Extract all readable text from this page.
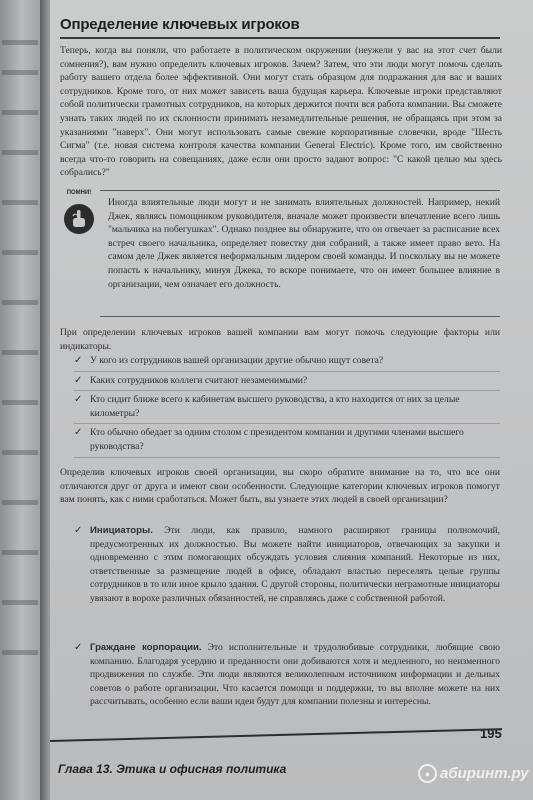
Определение ключевых игроков

Теперь, когда вы поняли, что работаете в политическом окружении (неужели у вас на этот счет были сомнения?), вам нужно определить ключевых игроков. Зачем? Затем, что эти люди могут помочь сделать работу вашего отдела более эффективной. Они могут стать образцом для подражания для вас и ваших сотрудников. Кроме того, от них может зависеть ваша будущая карьера. Ключевые игроки представляют собой политически грамотных сотрудников, на которых держится почти вся работа компании. Вы сможете узнать таких людей по их склонности принимать незамедлительные решения, не обращаясь при этом за указаниями "наверх". Они могут использовать самые свежие корпоративные словечки, вроде "Шесть Сигма" (т.е. новая система контроля качества компании General Electric). Кроме того, им свойственно всегда что-то говорить на совещаниях, даже если они просто задают вопрос: "С какой целью мы здесь собрались?"

ПОМНИ!

Иногда влиятельные люди могут и не занимать влиятельных должностей. Например, некий Джек, являясь помощником руководителя, вначале может произвести впечатление всего лишь "мальчика на побегушках". Однако позднее вы обнаружите, что он отвечает за расписание всех встреч своего начальника, определяет повестку дня собраний, а также имеет право вето. На самом деле Джек является неформальным лидером своей команды. И поскольку вы не можете попасть к начальнику, минуя Джека, то вскоре понимаете, что он имеет большее влияние в организации, чем означает его должность.

При определении ключевых игроков вашей компании вам могут помочь следующие факторы или индикаторы.

✓ У кого из сотрудников вашей организации другие обычно ищут совета?
✓ Каких сотрудников коллеги считают незаменимыми?
✓ Кто сидит ближе всего к кабинетам высшего руководства, а кто находится от них за целые километры?
✓ Кто обычно обедает за одним столом с президентом компании и другими членами высшего руководства?

Определив ключевых игроков своей организации, вы скоро обратите внимание на то, что все они отличаются друг от друга и имеют свои особенности. Следующие категории ключевых игроков помогут вам понять, как с ними сработаться. Может быть, вы узнаете этих людей в своей организации?

✓ Инициаторы. Эти люди, как правило, намного расширяют границы полномочий, предусмотренных их должностью. Вы можете найти инициаторов, отвечающих за закупки и одновременно с этим помогающих обсуждать условия слияния компаний. Некоторые из них, ответственные за размещение людей в офисе, обладают властью переселять целые группы сотрудников в то или иное крыло здания. С другой стороны, политически неграмотные инициаторы увязают в ворохе различных обязанностей, не справляясь даже с собственной работой.

✓ Граждане корпорации. Это исполнительные и трудолюбивые сотрудники, любящие свою компанию. Благодаря усердию и преданности они добиваются хотя и медленного, но неизменного продвижения по службе. Эти люди являются великолепным источником информации и дельных советов о работе организации. Что касается помощи и поддержки, то вы вполне можете на них рассчитывать, особенно если ваши идеи будут для компании полезны и интересны.

195
Глава 13. Этика и офисная политика	● абиринт.ру
